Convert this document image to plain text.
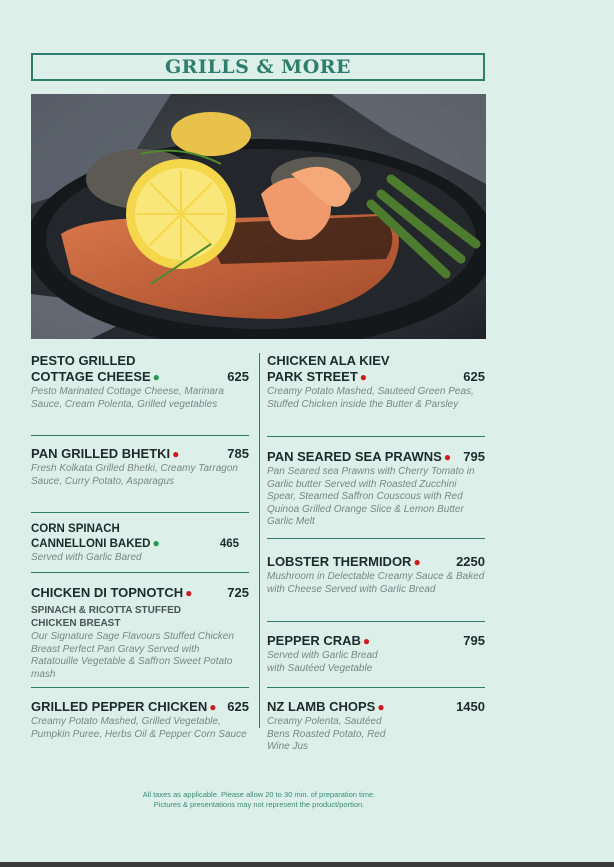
GRILLS & MORE
PESTO GRILLED
COTTAGE CHEESE ●	625
Pesto Marinated Cottage Cheese, Marinara Sauce, Cream Polenta, Grilled vegetables
PAN GRILLED BHETKI ●	785
Fresh Kolkata Grilled Bhetki, Creamy Tarragon Sauce, Curry Potato, Asparagus
CORN SPINACH
CANNELLONI BAKED ●	465
Served with Garlic Bared
CHICKEN DI TOPNOTCH ●	725
SPINACH & RICOTTA STUFFED CHICKEN BREAST
Our Signature Sage Flavours Stuffed Chicken Breast Perfect Pan Gravy Served with Ratatouille Vegetable & Saffron Sweet Potato mash
GRILLED PEPPER CHICKEN ● 625
Creamy Potato Mashed, Grilled Vegetable, Pumpkin Puree, Herbs Oil & Pepper Corn Sauce
CHICKEN ALA KIEV
PARK STREET ●	625
Creamy Potato Mashed, Sauteed Green Peas, Stuffed Chicken inside the Butter & Parsley
PAN SEARED SEA PRAWNS ● 795
Pan Seared sea Prawns with Cherry Tomato in Garlic butter Served with Roasted Zucchini Spear, Steamed Saffron Couscous with Red Quinoa Grilled Orange Slice & Lemon Butter Garlic Melt
LOBSTER THERMIDOR ●	2250
Mushroom in Delectable Creamy Sauce & Baked with Cheese Served with Garlic Bread
PEPPER CRAB ●	795
Served with Garlic Bread with Sautéed Vegetable
NZ LAMB CHOPS ●	1450
Creamy Polenta, Sautéed Bens Roasted Potato, Red Wine Jus
All taxes as applicable. Please allow 20 to 30 min. of preparation time.
Pictures & presentations may not represent the product/portion.
